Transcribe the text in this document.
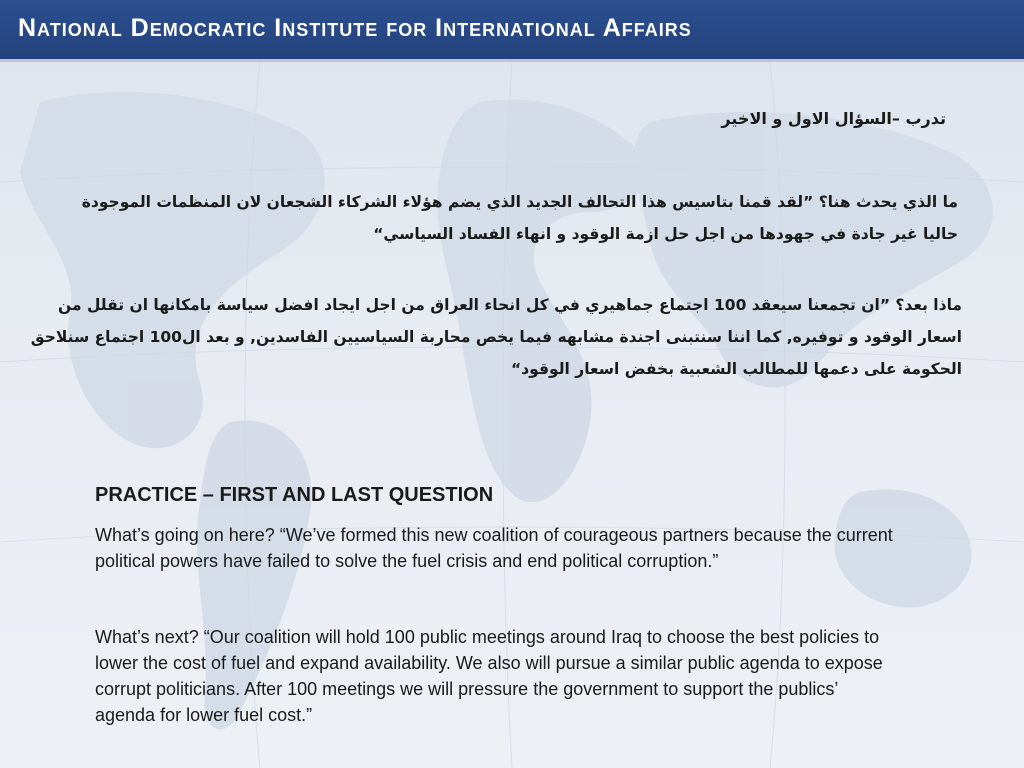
National Democratic Institute for International Affairs
تدرب –السؤال الاول و الاخير
ما الذي يحدث هنا؟ ”لقد قمنا بتاسيس هذا التحالف الجديد الذي يضم هؤلاء الشركاء الشجعان لان المنظمات الموجودة حاليا غير جادة في جهودها من اجل حل ازمة الوقود و انهاء الفساد السياسي“
ماذا بعد؟ ”ان تجمعنا سيعقد 100 اجتماع جماهيري في كل انحاء العراق من اجل ايجاد افضل سياسة بامكانها ان تقلل من اسعار الوقود و توفيره, كما اننا سنتبنى اجندة مشابهه فيما يخص محاربة السياسيين الفاسدين, و بعد ال100 اجتماع سنلاحق الحكومة على دعمها للمطالب الشعبية بخفض اسعار الوقود“
PRACTICE – FIRST AND LAST QUESTION
What’s going on here? “We’ve formed this new coalition of courageous partners because the current political powers have failed to solve the fuel crisis and end political corruption.”
What’s next? “Our coalition will hold 100 public meetings around Iraq to choose the best policies to lower the cost of fuel and expand availability. We also will pursue a similar public agenda to expose corrupt politicians. After 100 meetings we will pressure the government to support the publics’ agenda for lower fuel cost.”
